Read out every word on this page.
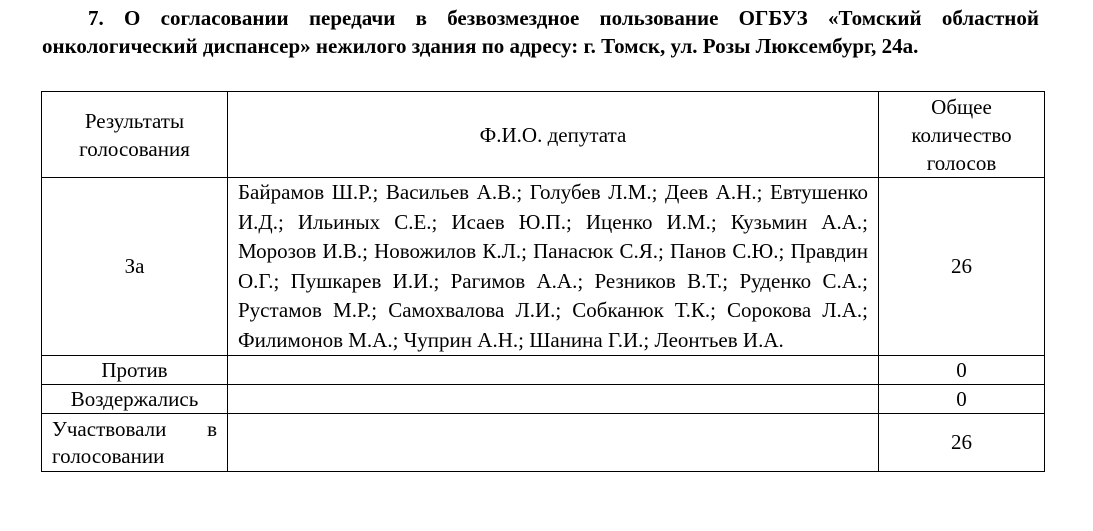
7. О согласовании передачи в безвозмездное пользование ОГБУЗ «Томский областной онкологический диспансер» нежилого здания по адресу: г. Томск, ул. Розы Люксембург, 24а.

Результаты голосования	Ф.И.О. депутата	Общее количество голосов
За	Байрамов Ш.Р.; Васильев А.В.; Голубев Л.М.; Деев А.Н.; Евтушенко И.Д.; Ильиных С.Е.; Исаев Ю.П.; Иценко И.М.; Кузьмин А.А.; Морозов И.В.; Новожилов К.Л.; Панасюк С.Я.; Панов С.Ю.; Правдин О.Г.; Пушкарев И.И.; Рагимов А.А.; Резников В.Т.; Руденко С.А.; Рустамов М.Р.; Самохвалова Л.И.; Собканюк Т.К.; Сорокова Л.А.; Филимонов М.А.; Чуприн А.Н.; Шанина Г.И.; Леонтьев И.А.	26
Против		0
Воздержались		0
Участвовали в голосовании		26
